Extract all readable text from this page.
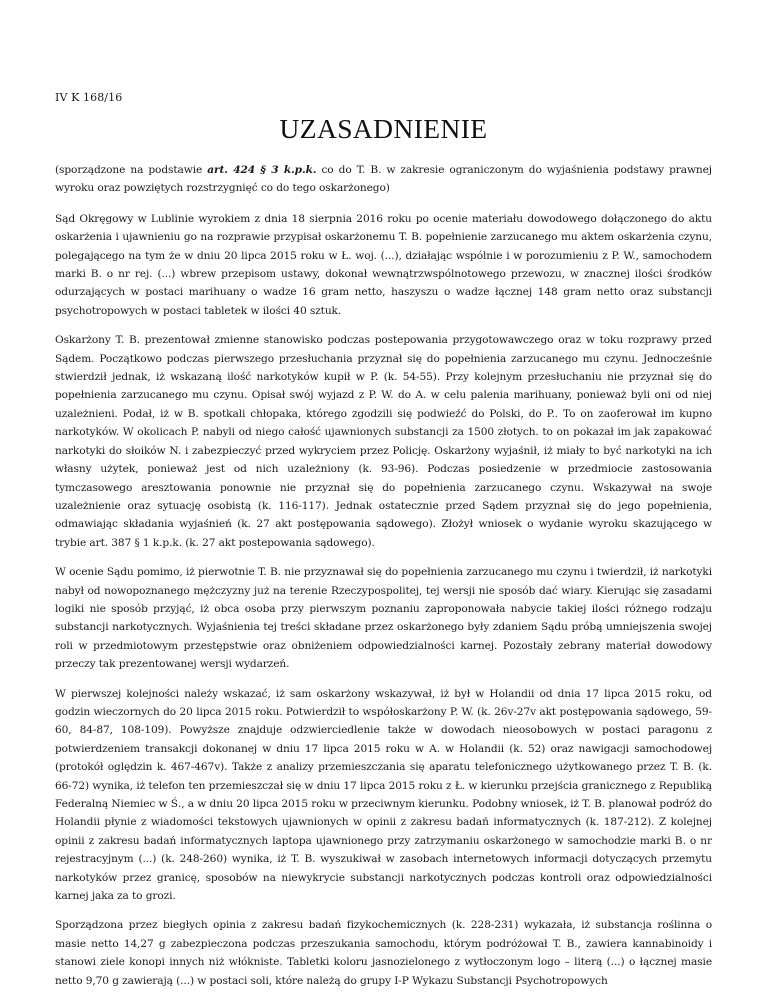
IV K 168/16
UZASADNIENIE

(sporządzone na podstawie art. 424 § 3 k.p.k. co do T. B. w zakresie ograniczonym do wyjaśnienia podstawy prawnej wyroku oraz powziętych rozstrzygnięć co do tego oskarżonego)

Sąd Okręgowy w Lublinie wyrokiem z dnia 18 sierpnia 2016 roku po ocenie materiału dowodowego dołączonego do aktu oskarżenia i ujawnieniu go na rozprawie przypisał oskarżonemu T. B. popełnienie zarzucanego mu aktem oskarżenia czynu, polegającego na tym że w dniu 20 lipca 2015 roku w Ł. woj. (...), działając wspólnie i w porozumieniu z P. W., samochodem marki B. o nr rej. (...) wbrew przepisom ustawy, dokonał wewnątrzwspólnotowego przewozu, w znacznej ilości środków odurzających w postaci marihuany o wadze 16 gram netto, haszyszu o wadze łącznej 148 gram netto oraz substancji psychotropowych w postaci tabletek w ilości 40 sztuk.

Oskarżony T. B. prezentował zmienne stanowisko podczas postepowania przygotowawczego oraz w toku rozprawy przed Sądem. Początkowo podczas pierwszego przesłuchania przyznał się do popełnienia zarzucanego mu czynu. Jednocześnie stwierdził jednak, iż wskazaną ilość narkotyków kupił w P. (k. 54-55). Przy kolejnym przesłuchaniu nie przyznał się do popełnienia zarzucanego mu czynu. Opisał swój wyjazd z P. W. do A. w celu palenia marihuany, ponieważ byli oni od niej uzależnieni. Podał, iż w B. spotkali chłopaka, którego zgodzili się podwieźć do Polski, do P.. To on zaoferował im kupno narkotyków. W okolicach P. nabyli od niego całość ujawnionych substancji za 1500 złotych. to on pokazał im jak zapakować narkotyki do słoików N. i zabezpieczyć przed wykryciem przez Policję. Oskarżony wyjaśnił, iż miały to być narkotyki na ich własny użytek, ponieważ jest od nich uzależniony (k. 93-96). Podczas posiedzenie w przedmiocie zastosowania tymczasowego aresztowania ponownie nie przyznał się do popełnienia zarzucanego czynu. Wskazywał na swoje uzależnienie oraz sytuację osobistą (k. 116-117). Jednak ostatecznie przed Sądem przyznał się do jego popełnienia, odmawiając składania wyjaśnień (k. 27 akt postępowania sądowego). Złożył wniosek o wydanie wyroku skazującego w trybie art. 387 § 1 k.p.k. (k. 27 akt postepowania sądowego).

W ocenie Sądu pomimo, iż pierwotnie T. B. nie przyznawał się do popełnienia zarzucanego mu czynu i twierdził, iż narkotyki nabył od nowopoznanego mężczyzny już na terenie Rzeczypospolitej, tej wersji nie sposób dać wiary. Kierując się zasadami logiki nie sposób przyjąć, iż obca osoba przy pierwszym poznaniu zaproponowała nabycie takiej ilości różnego rodzaju substancji narkotycznych. Wyjaśnienia tej treści składane przez oskarżonego były zdaniem Sądu próbą umniejszenia swojej roli w przedmiotowym przestępstwie oraz obniżeniem odpowiedzialności karnej. Pozostały zebrany materiał dowodowy przeczy tak prezentowanej wersji wydarzeń.

W pierwszej kolejności należy wskazać, iż sam oskarżony wskazywał, iż był w Holandii od dnia 17 lipca 2015 roku, od godzin wieczornych do 20 lipca 2015 roku. Potwierdził to współoskarżony P. W. (k. 26v-27v akt postępowania sądowego, 59-60, 84-87, 108-109). Powyższe znajduje odzwierciedlenie także w dowodach nieosobowych w postaci paragonu z potwierdzeniem transakcji dokonanej w dniu 17 lipca 2015 roku w A. w Holandii (k. 52) oraz nawigacji samochodowej (protokół oględzin k. 467-467v). Także z analizy przemieszczania się aparatu telefonicznego użytkowanego przez T. B. (k. 66-72) wynika, iż telefon ten przemieszczał się w dniu 17 lipca 2015 roku z Ł. w kierunku przejścia granicznego z Republiką Federalną Niemiec w Ś., a w dniu 20 lipca 2015 roku w przeciwnym kierunku. Podobny wniosek, iż T. B. planował podróż do Holandii płynie z wiadomości tekstowych ujawnionych w opinii z zakresu badań informatycznych (k. 187-212). Z kolejnej opinii z zakresu badań informatycznych laptopa ujawnionego przy zatrzymaniu oskarżonego w samochodzie marki B. o nr rejestracyjnym (...) (k. 248-260) wynika, iż T. B. wyszukiwał w zasobach internetowych informacji dotyczących przemytu narkotyków przez granicę, sposobów na niewykrycie substancji narkotycznych podczas kontroli oraz odpowiedzialności karnej jaka za to grozi.

Sporządzona przez biegłych opinia z zakresu badań fizykochemicznych (k. 228-231) wykazała, iż substancja roślinna o masie netto 14,27 g zabezpieczona podczas przeszukania samochodu, którym podróżował T. B., zawiera kannabinoidy i stanowi ziele konopi innych niż włókniste. Tabletki koloru jasnozielonego z wytłoczonym logo – literą (...) o łącznej masie netto 9,70 g zawierają (...) w postaci soli, które należą do grupy I-P Wykazu Substancji Psychotropowych
